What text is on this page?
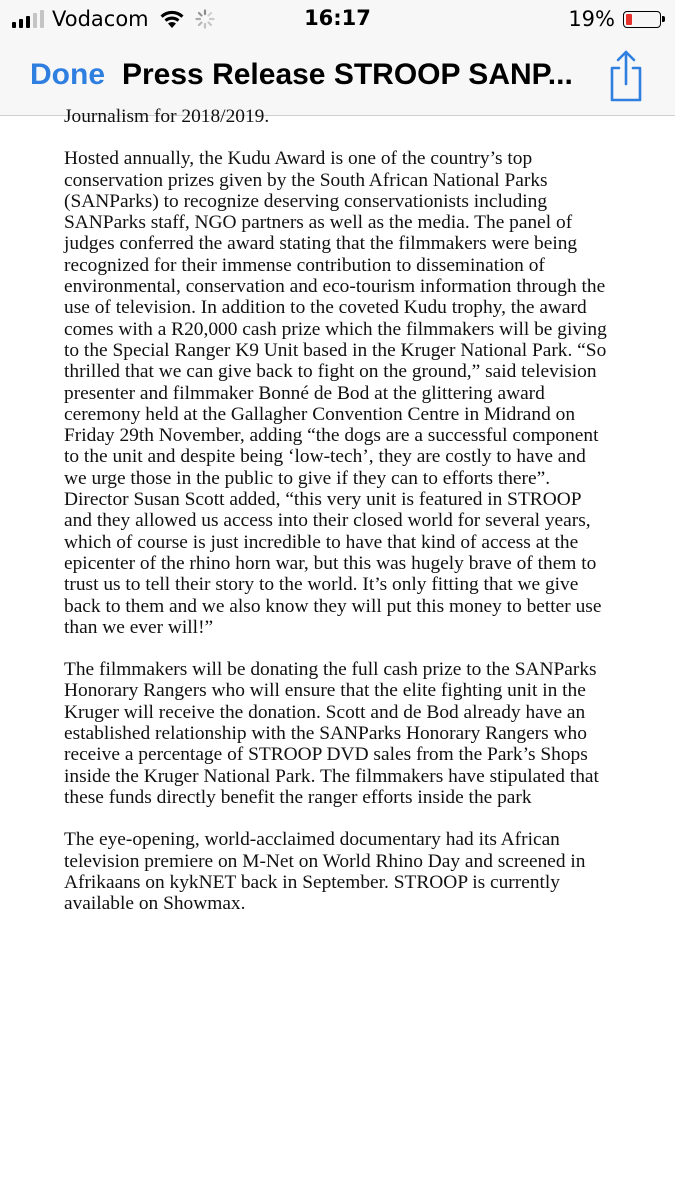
Vodacom	16:17	19%
Done Press Release STROOP SANP...

Journalism for 2018/2019.

Hosted annually, the Kudu Award is one of the country’s top
conservation prizes given by the South African National Parks
(SANParks) to recognize deserving conservationists including
SANParks staff, NGO partners as well as the media. The panel of
judges conferred the award stating that the filmmakers were being
recognized for their immense contribution to dissemination of
environmental, conservation and eco-tourism information through the
use of television. In addition to the coveted Kudu trophy, the award
comes with a R20,000 cash prize which the filmmakers will be giving
to the Special Ranger K9 Unit based in the Kruger National Park. “So
thrilled that we can give back to fight on the ground,” said television
presenter and filmmaker Bonné de Bod at the glittering award
ceremony held at the Gallagher Convention Centre in Midrand on
Friday 29th November, adding “the dogs are a successful component
to the unit and despite being ‘low-tech’, they are costly to have and
we urge those in the public to give if they can to efforts there”.
Director Susan Scott added, “this very unit is featured in STROOP
and they allowed us access into their closed world for several years,
which of course is just incredible to have that kind of access at the
epicenter of the rhino horn war, but this was hugely brave of them to
trust us to tell their story to the world. It’s only fitting that we give
back to them and we also know they will put this money to better use
than we ever will!”

The filmmakers will be donating the full cash prize to the SANParks
Honorary Rangers who will ensure that the elite fighting unit in the
Kruger will receive the donation. Scott and de Bod already have an
established relationship with the SANParks Honorary Rangers who
receive a percentage of STROOP DVD sales from the Park’s Shops
inside the Kruger National Park. The filmmakers have stipulated that
these funds directly benefit the ranger efforts inside the park

The eye-opening, world-acclaimed documentary had its African
television premiere on M-Net on World Rhino Day and screened in
Afrikaans on kykNET back in September. STROOP is currently
available on Showmax.
